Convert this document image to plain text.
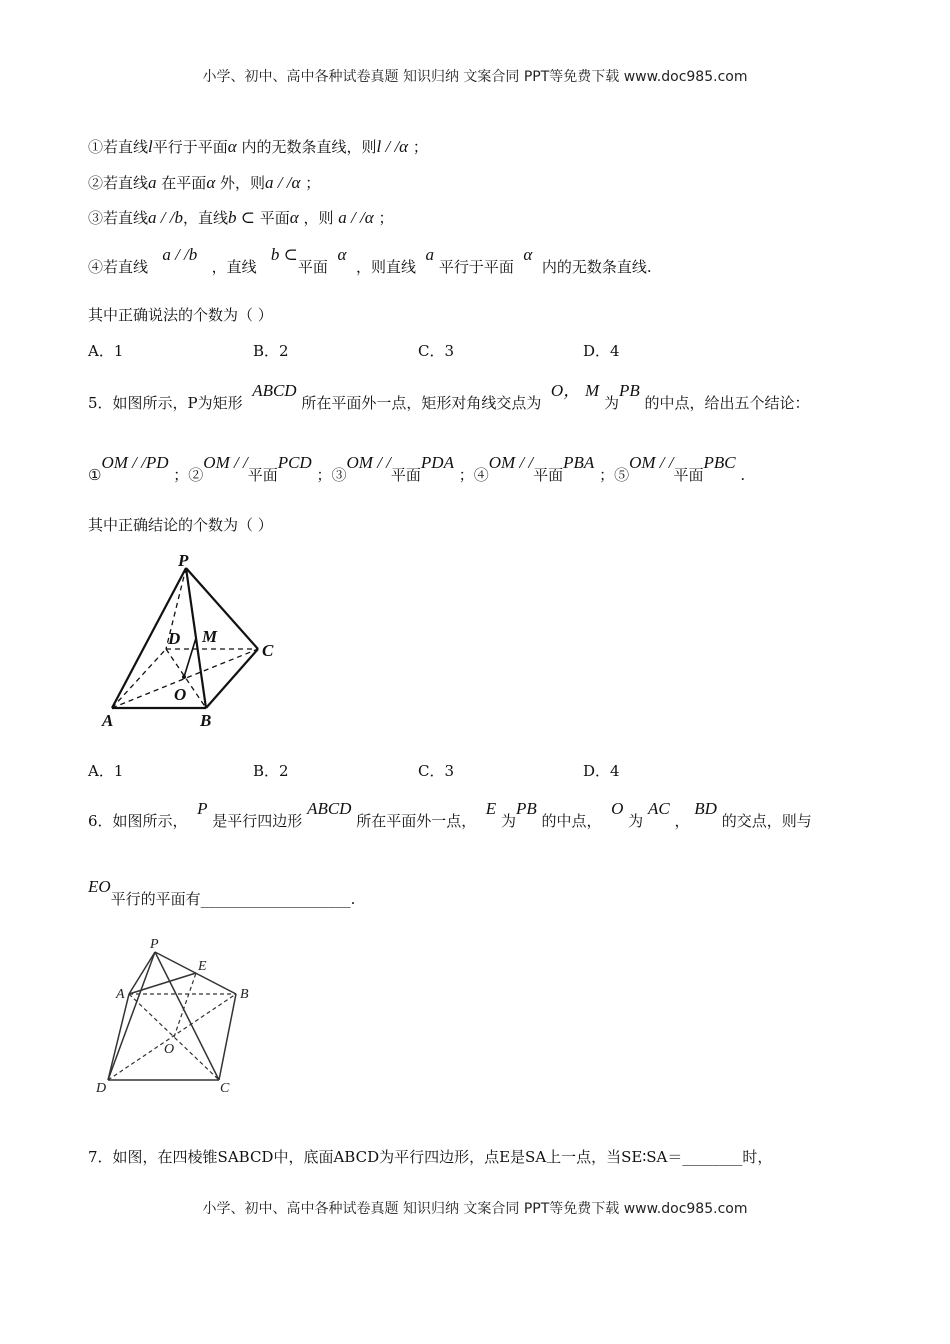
小学、初中、高中各种试卷真题 知识归纳 文案合同 PPT等免费下载 www.doc985.com
①若直线l平行于平面α 内的无数条直线，则l / /α ；
②若直线a 在平面α 外，则a / /α ；
③若直线a / /b，直线b ⊂ 平面α ，则 a / /α ；
④若直线   a / /b   ，直线   b ⊂平面  α  ，则直线  a 平行于平面  α  内的无数条直线.
其中正确说法的个数为（ ）
A．1	B．2	C．3	D．4
5．如图所示，P为矩形  ABCD 所在平面外一点，矩形对角线交点为  O， M 为PB 的中点，给出五个结论：
①OM / /PD ；②OM / /平面PCD ；③OM / /平面PDA ；④OM / /平面PBA ；⑤OM / /平面PBC .
其中正确结论的个数为（ ）
P
D M
C
O
A	B
A．1	B．2	C．3	D．4
6．如图所示，  P 是平行四边形 ABCD 所在平面外一点，  E 为PB 的中点，  O 为 AC ， BD 的交点，则与
EO平行的平面有____________________.
P
E
A	B
O
D	C
7．如图，在四棱锥SABCD中，底面ABCD为平行四边形，点E是SA上一点，当SE∶SA＝________时，
小学、初中、高中各种试卷真题 知识归纳 文案合同 PPT等免费下载 www.doc985.com
